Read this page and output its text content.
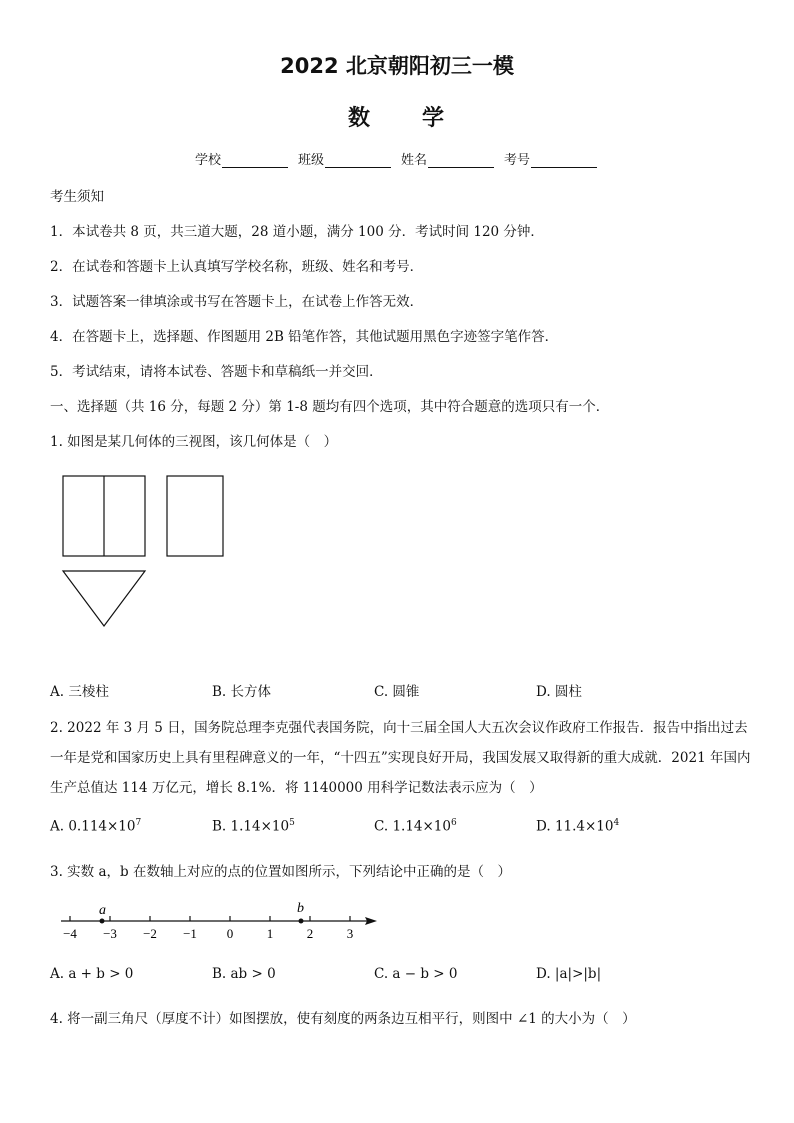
2022 北京朝阳初三一模
数 学
学校	班级	姓名	考号
考生须知
1．本试卷共 8 页，共三道大题，28 道小题，满分 100 分．考试时间 120 分钟．
2．在试卷和答题卡上认真填写学校名称，班级、姓名和考号．
3．试题答案一律填涂或书写在答题卡上，在试卷上作答无效．
4．在答题卡上，选择题、作图题用 2B 铅笔作答，其他试题用黑色字迹签字笔作答．
5．考试结束，请将本试卷、答题卡和草稿纸一并交回．
一、选择题（共 16 分，每题 2 分）第 1-8 题均有四个选项，其中符合题意的选项只有一个．
1. 如图是某几何体的三视图，该几何体是（　）
A. 三棱柱	B. 长方体	C. 圆锥	D. 圆柱
2. 2022 年 3 月 5 日，国务院总理李克强代表国务院，向十三届全国人大五次会议作政府工作报告．报告中指出过去一年是党和国家历史上具有里程碑意义的一年，“十四五”实现良好开局，我国发展又取得新的重大成就．2021 年国内生产总值达 114 万亿元，增长 8.1%．将 1140000 用科学记数法表示应为（　）
A. $0.114\times 10^7$	B. $1.14\times 10^5$	C. $1.14\times 10^6$	D. $11.4\times 10^4$
3. 实数 a，b 在数轴上对应的点的位置如图所示，下列结论中正确的是（　）
−4 −3 −2 −1 0	1	2	3
a	b
A. a + b > 0	B. ab > 0	C. a − b > 0	D. |a|>|b|
4. 将一副三角尺（厚度不计）如图摆放，使有刻度的两条边互相平行，则图中 ∠1 的大小为（　）
